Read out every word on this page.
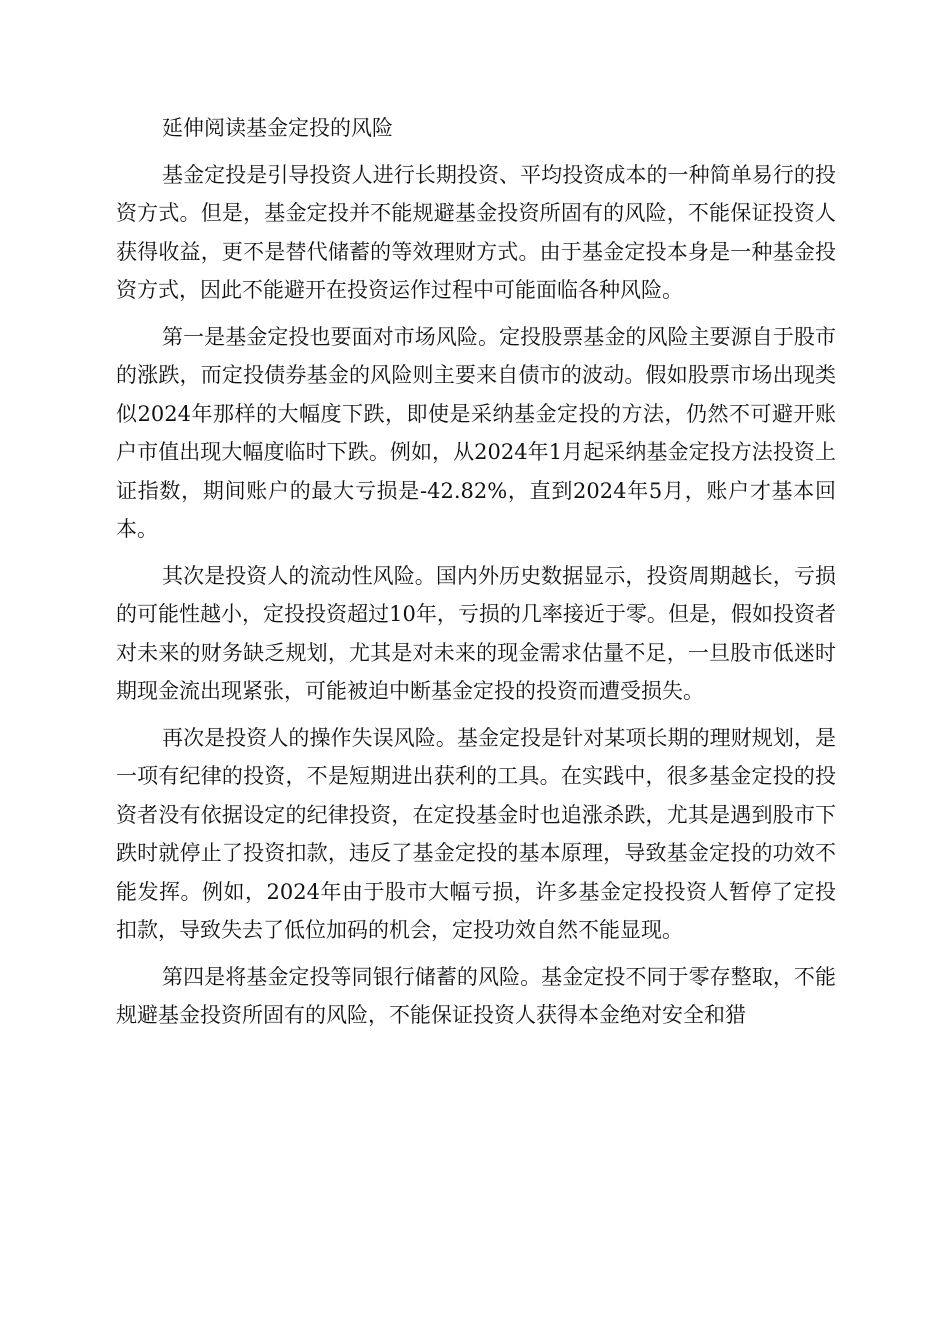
延伸阅读基金定投的风险

基金定投是引导投资人进行长期投资、平均投资成本的一种简单易行的投资方式。但是，基金定投并不能规避基金投资所固有的风险，不能保证投资人获得收益，更不是替代储蓄的等效理财方式。由于基金定投本身是一种基金投资方式，因此不能避开在投资运作过程中可能面临各种风险。

第一是基金定投也要面对市场风险。定投股票基金的风险主要源自于股市的涨跌，而定投债券基金的风险则主要来自债市的波动。假如股票市场出现类似2024年那样的大幅度下跌，即使是采纳基金定投的方法，仍然不可避开账户市值出现大幅度临时下跌。例如，从2024年1月起采纳基金定投方法投资上证指数，期间账户的最大亏损是-42.82%，直到2024年5月，账户才基本回本。

其次是投资人的流动性风险。国内外历史数据显示，投资周期越长，亏损的可能性越小，定投投资超过10年，亏损的几率接近于零。但是，假如投资者对未来的财务缺乏规划，尤其是对未来的现金需求估量不足，一旦股市低迷时期现金流出现紧张，可能被迫中断基金定投的投资而遭受损失。

再次是投资人的操作失误风险。基金定投是针对某项长期的理财规划，是一项有纪律的投资，不是短期进出获利的工具。在实践中，很多基金定投的投资者没有依据设定的纪律投资，在定投基金时也追涨杀跌，尤其是遇到股市下跌时就停止了投资扣款，违反了基金定投的基本原理，导致基金定投的功效不能发挥。例如，2024年由于股市大幅亏损，许多基金定投投资人暂停了定投扣款，导致失去了低位加码的机会，定投功效自然不能显现。

第四是将基金定投等同银行储蓄的风险。基金定投不同于零存整取，不能规避基金投资所固有的风险，不能保证投资人获得本金绝对安全和猎
